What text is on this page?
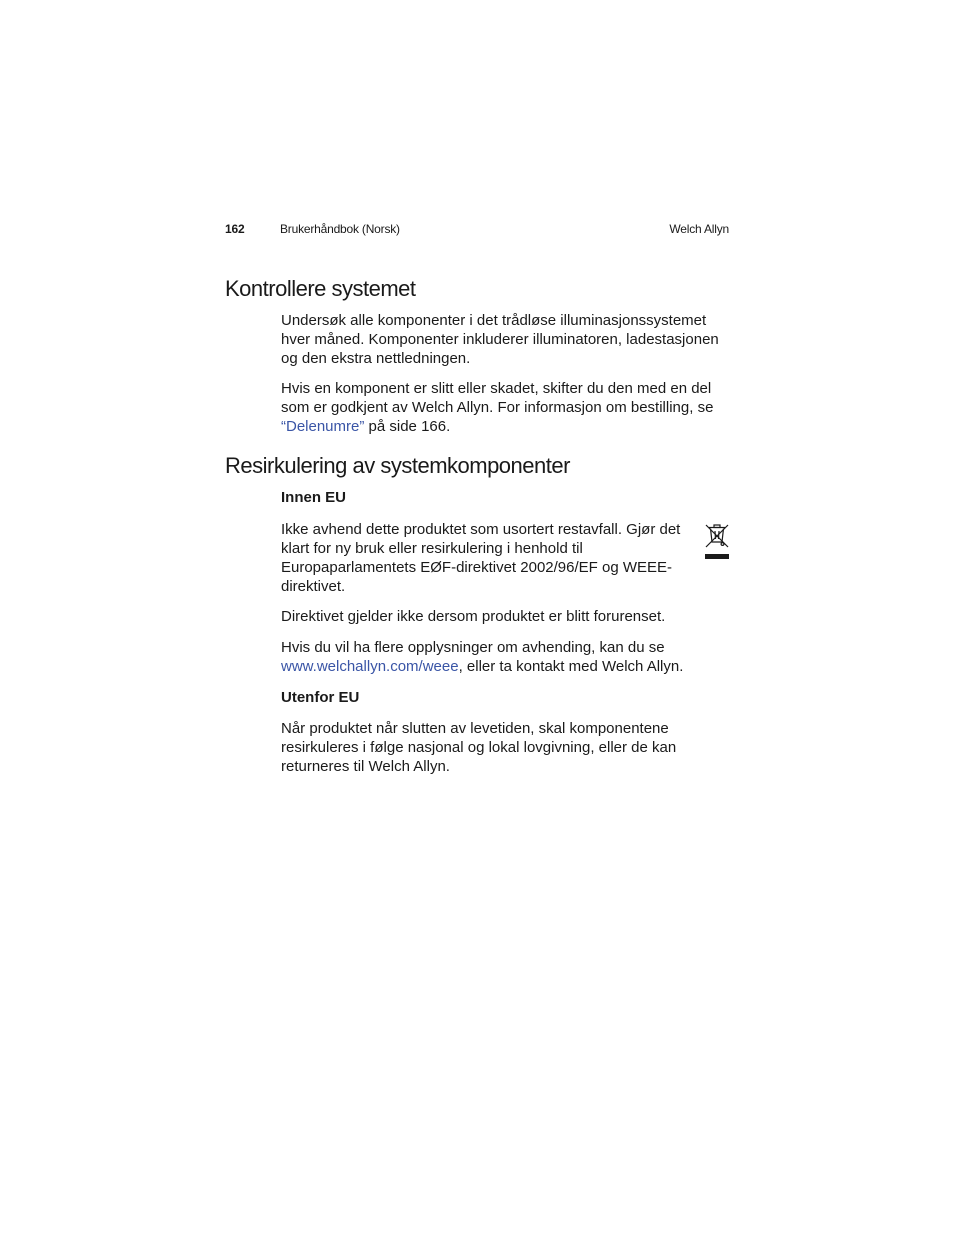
162	Brukerhåndbok (Norsk)	Welch Allyn
Kontrollere systemet

Undersøk alle komponenter i det trådløse illuminasjonssystemet hver måned. Komponenter inkluderer illuminatoren, ladestasjonen og den ekstra nettledningen.

Hvis en komponent er slitt eller skadet, skifter du den med en del som er godkjent av Welch Allyn. For informasjon om bestilling, se “Delenumre” på side 166.

Resirkulering av systemkomponenter

Innen EU

Ikke avhend dette produktet som usortert restavfall. Gjør det klart for ny bruk eller resirkulering i henhold til Europaparlamentets EØF-direktivet 2002/96/EF og WEEE-direktivet.

Direktivet gjelder ikke dersom produktet er blitt forurenset.

Hvis du vil ha flere opplysninger om avhending, kan du se www.welchallyn.com/weee, eller ta kontakt med Welch Allyn.

Utenfor EU

Når produktet når slutten av levetiden, skal komponentene resirkuleres i følge nasjonal og lokal lovgivning, eller de kan returneres til Welch Allyn.
